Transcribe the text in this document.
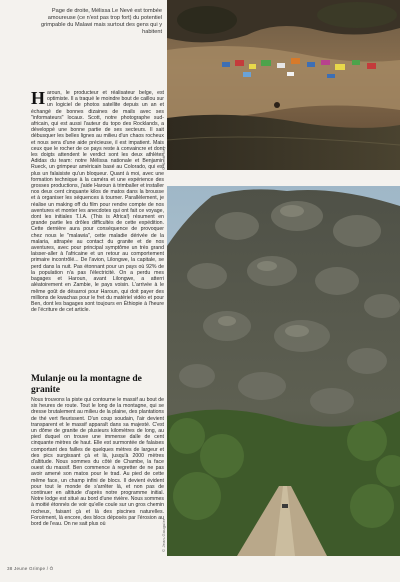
Page de droite, Mélissa Le Nevé est tombée amoureuse (ce n'est pas trop fort) du potentiel grimpable du Malawi mais surtout des gens qui y habitent

H aroun, le producteur et réalisateur belge, est optimiste. Il a traqué le moindre bout de caillou sur un logiciel de photos satellite depuis un an et échangé de bonnes dizaines de mails avec ses "informateurs" locaux. Scott, notre photographe sud-africain, qui est aussi l'auteur du topo des Rocklands, a développé une bonne partie de ses secteurs. Il sait débusquer les belles lignes au milieu d'un chaos rocheux et nous sera d'une aide précieuse, il est impatient. Mais ceux que le rocher de ce pays reste à convaincre et dont les doigts attendent le verdict sont les deux athlètes Adidas du team: notre Mélissa nationale et Benjamin Rueck, un grimpeur américain basé au Colorado, qui est plus un falaisiste qu'un bloqueur. Quant à moi, avec une formation technique à la caméra et une expérience des grosses productions, j'aide Haroun à trimballer et installer nos deux cent cinquante kilos de matos dans la brousse et à organiser les séquences à tourner. Parallèlement, je réalise un making off du film pour rendre compte de nos aventures et monter les anecdotes qui ont fait ce voyage, dont les initiales T.I.A. (This is Africa!) résument en grande partie les drôles difficultés de cette expédition. Cette dernière aura pour conséquence de provoquer chez nous le "malawia", cette maladie dérivée de la malaria, attrapée au contact du granite et de nos aventures, avec pour principal symptôme un très grand laisser-aller à l'africaine et un retour au comportement primaire incontrôlé... De l'avion, Lilongwe, la capitale, se perd dans la nuit. Pas étonnant pour un pays où 92% de la population n'a pas l'électricité. On a perdu mes bagages et Haroun, avant Lilongwe, a atterri aléatoirement en Zambie, le pays voisin. L'arrivée à le même goût de désarroi pour Haroun, qui doit payer des millions de kwachas pour le fret du matériel vidéo et pour Ben, dont les bagages sont toujours en Éthiopie à l'heure de l'écriture de cet article.

Mulanje ou la montagne de granite

Nous trouvons la piste qui contourne le massif au bout de six heures de route. Tout le long de la montagne, qui se dresse brutalement au milieu de la plaine, des plantations de thé vert fleurissent. D'un coup soudain, l'air devient transparent et le massif apparaît dans sa majesté. C'est un dôme de granite de plusieurs kilomètres de long, au pied duquel on trouve une immense dalle de cent cinquante mètres de haut. Elle est surmontée de falaises comportant des failles de quelques mètres de largeur et des pics surgissant çà et là, jusqu'à 2000 mètres d'altitude. Nous sommes du côté de Chambe, la face ouest du massif. Ben commence à regretter de ne pas avoir amené son matos pour le trad. Au pied de cette même face, un champ infini de blocs. Il devient évident pour tout le monde de s'arrêter là, et non pas de continuer en altitude d'après notre programme initial. Notre lodge est situé au bord d'une rivière. Nous sommes à moitié étonnés de voir qu'elle coule sur un gros chemin rocheux, faisant çà et là des piscines naturelles. Forcément, là encore, des blocs déposés par l'érosion au bord de l'eau. On ne sait plus où

38 Jeune Grimpe / Ô
© Scott Noy
© Jean-Gauguier
